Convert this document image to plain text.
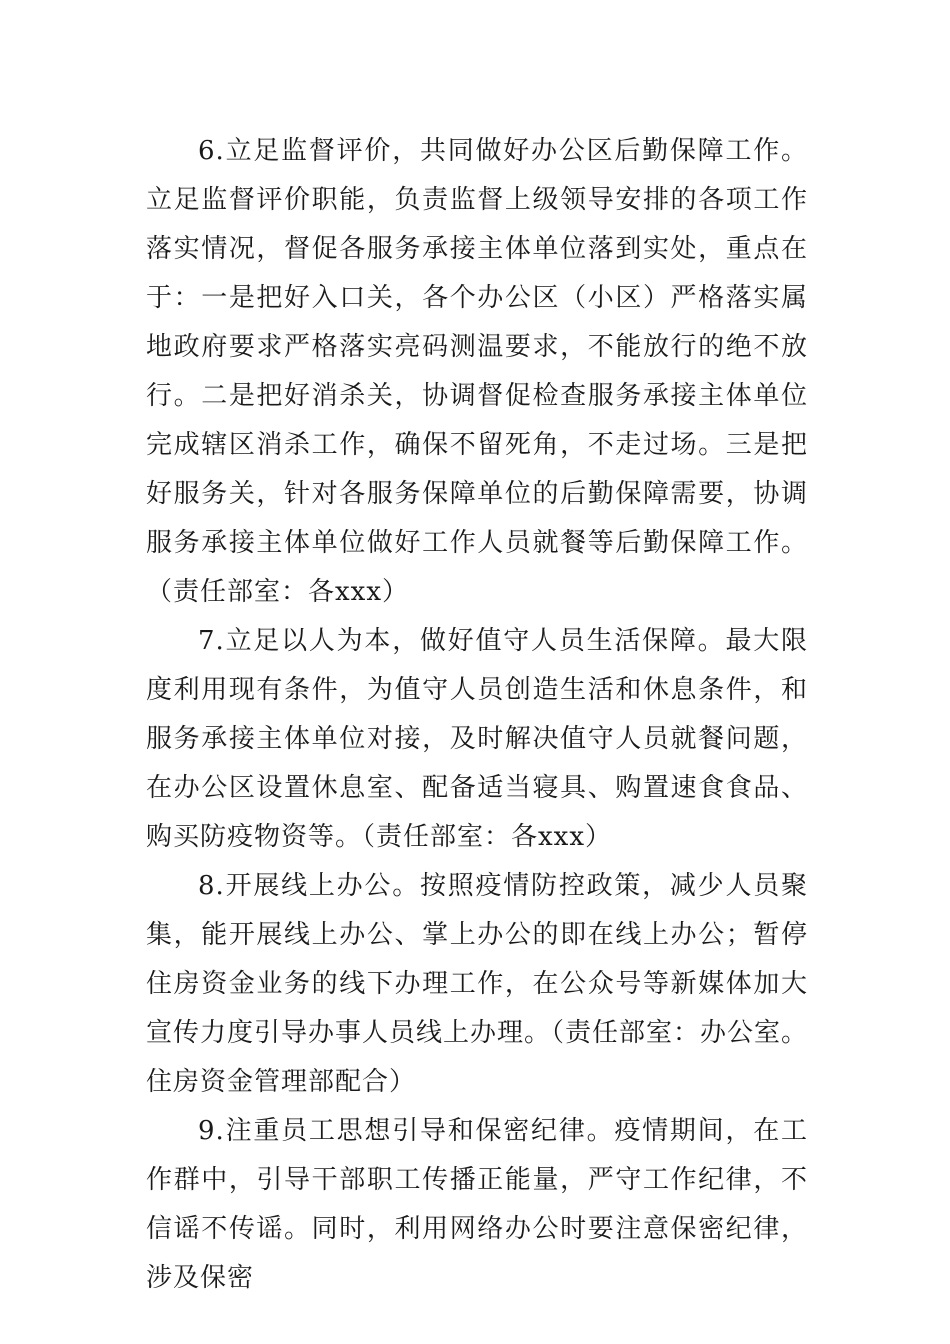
6.立足监督评价，共同做好办公区后勤保障工作。立足监督评价职能，负责监督上级领导安排的各项工作落实情况，督促各服务承接主体单位落到实处，重点在于：一是把好入口关，各个办公区（小区）严格落实属地政府要求严格落实亮码测温要求，不能放行的绝不放行。二是把好消杀关，协调督促检查服务承接主体单位完成辖区消杀工作，确保不留死角，不走过场。三是把好服务关，针对各服务保障单位的后勤保障需要，协调服务承接主体单位做好工作人员就餐等后勤保障工作。（责任部室：各xxx）

7.立足以人为本，做好值守人员生活保障。最大限度利用现有条件，为值守人员创造生活和休息条件，和服务承接主体单位对接，及时解决值守人员就餐问题，在办公区设置休息室、配备适当寝具、购置速食食品、购买防疫物资等。（责任部室：各xxx）

8.开展线上办公。按照疫情防控政策，减少人员聚集，能开展线上办公、掌上办公的即在线上办公；暂停住房资金业务的线下办理工作，在公众号等新媒体加大宣传力度引导办事人员线上办理。（责任部室：办公室。住房资金管理部配合）

9.注重员工思想引导和保密纪律。疫情期间，在工作群中，引导干部职工传播正能量，严守工作纪律，不信谣不传谣。同时，利用网络办公时要注意保密纪律，涉及保密
